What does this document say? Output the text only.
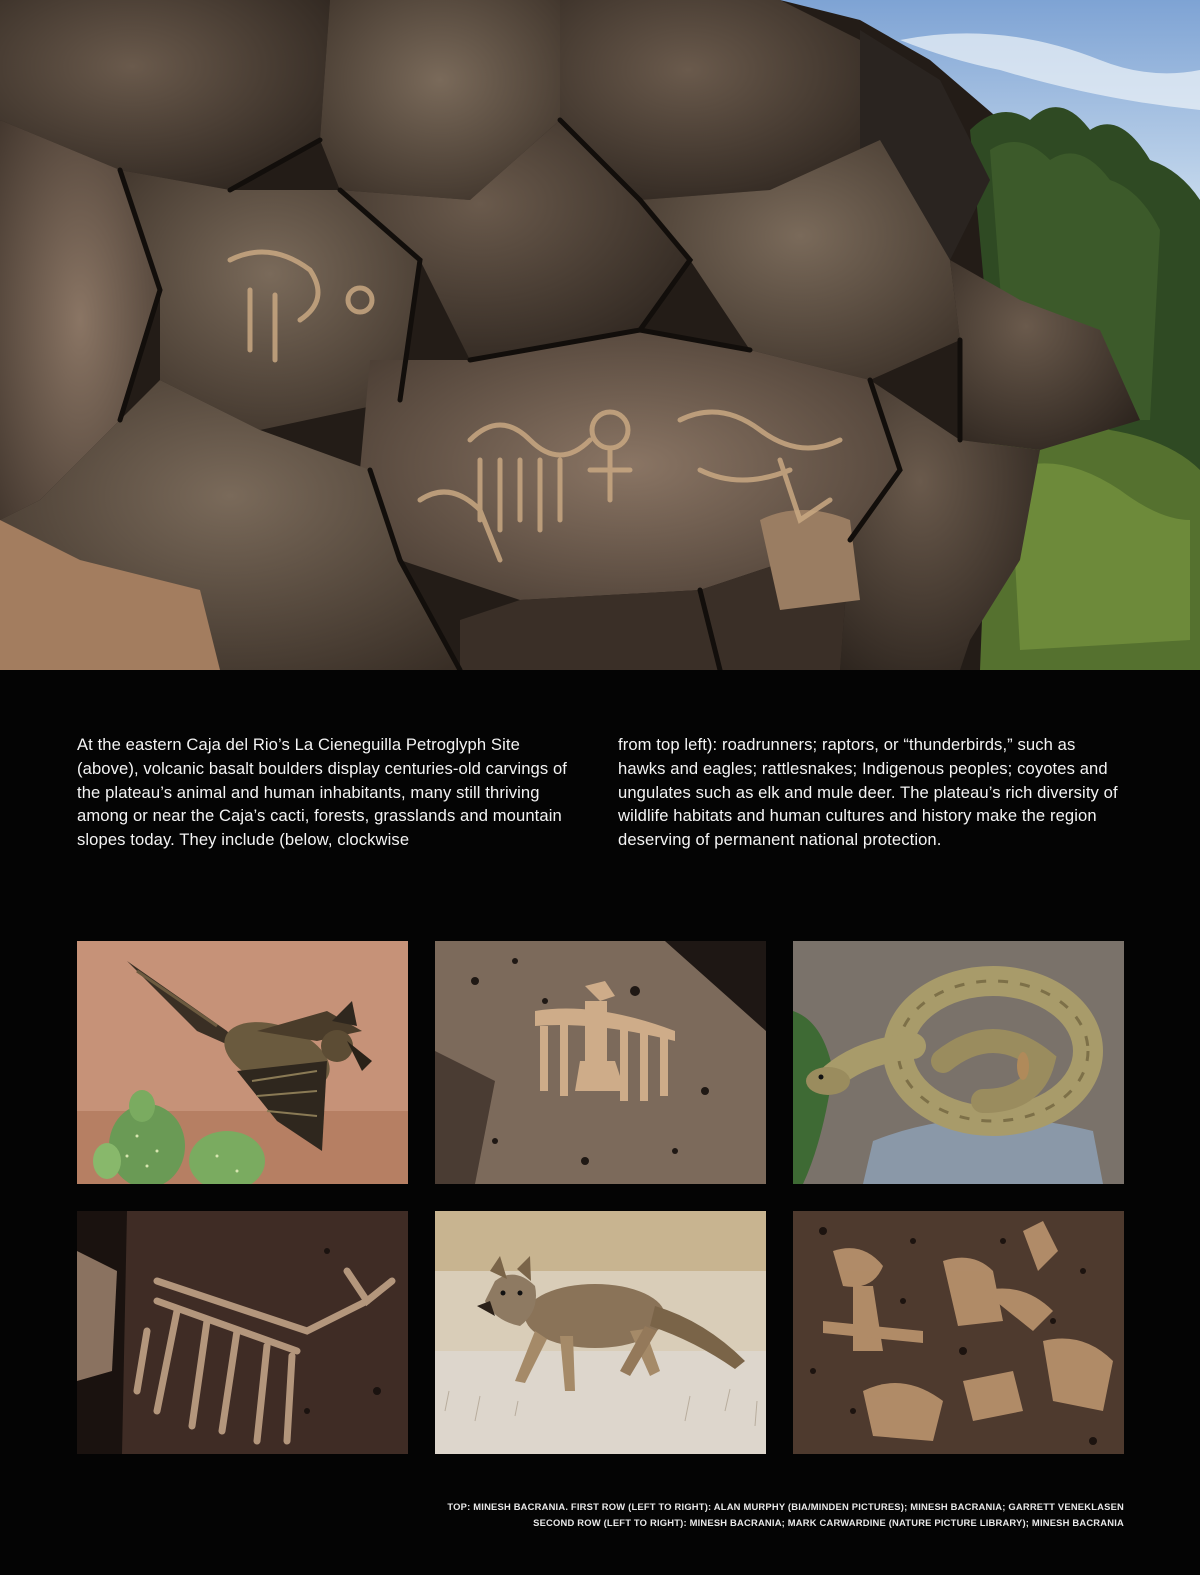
At the eastern Caja del Rio’s La Cieneguilla Petroglyph Site (above), volcanic basalt boulders display centuries-old carvings of the plateau’s animal and human inhabitants, many still thriving among or near the Caja’s cacti, forests, grasslands and mountain slopes today. They include (below, clockwise

from top left): roadrunners; raptors, or “thunderbirds,” such as hawks and eagles; rattlesnakes; Indigenous peoples; coyotes and ungulates such as elk and mule deer. The plateau’s rich diversity of wildlife habitats and human cultures and history make the region deserving of permanent national protection.

TOP: MINESH BACRANIA. FIRST ROW (LEFT TO RIGHT): ALAN MURPHY (BIA/MINDEN PICTURES); MINESH BACRANIA; GARRETT VENEKLASEN
SECOND ROW (LEFT TO RIGHT): MINESH BACRANIA; MARK CARWARDINE (NATURE PICTURE LIBRARY); MINESH BACRANIA
